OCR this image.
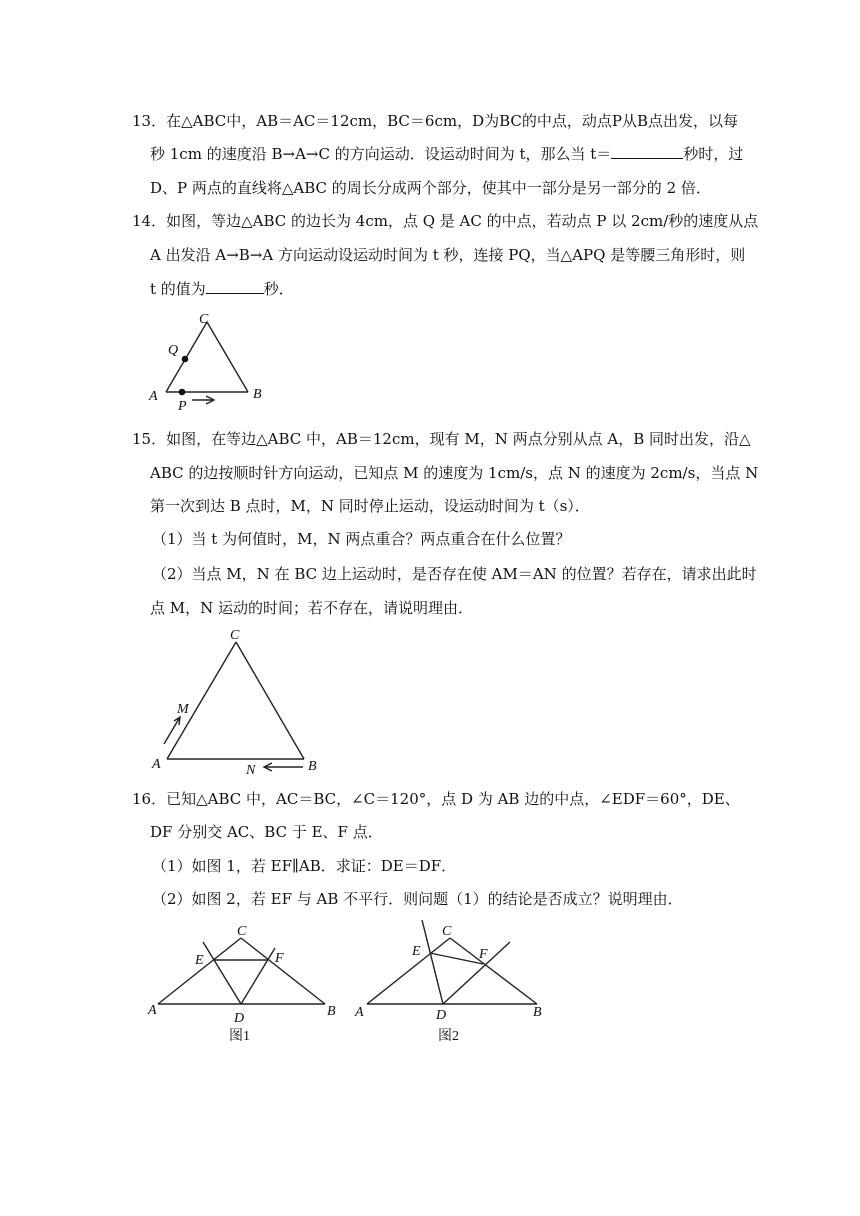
13．在△ABC中，AB＝AC＝12cm，BC＝6cm，D为BC的中点，动点P从B点出发，以每
秒 1cm 的速度沿 B→A→C 的方向运动．设运动时间为 t，那么当 t＝	秒时，过
D、P 两点的直线将△ABC 的周长分成两个部分，使其中一部分是另一部分的 2 倍．
14．如图，等边△ABC 的边长为 4cm，点 Q 是 AC 的中点，若动点 P 以 2cm/秒的速度从点
A 出发沿 A→B→A 方向运动设运动时间为 t 秒，连接 PQ，当△APQ 是等腰三角形时，则
t 的值为	秒．
C
Q
A	B
P
15．如图，在等边△ABC 中，AB＝12cm，现有 M，N 两点分别从点 A，B 同时出发，沿△
ABC 的边按顺时针方向运动，已知点 M 的速度为 1cm/s，点 N 的速度为 2cm/s，当点 N
第一次到达 B 点时，M，N 同时停止运动，设运动时间为 t（s）．
（1）当 t 为何值时，M，N 两点重合？两点重合在什么位置？
（2）当点 M，N 在 BC 边上运动时，是否存在使 AM＝AN 的位置？若存在，请求出此时
点 M，N 运动的时间；若不存在，请说明理由．
C
M
A	N	B
16．已知△ABC 中，AC＝BC，∠C＝120°，点 D 为 AB 边的中点，∠EDF＝60°，DE、
DF 分别交 AC、BC 于 E、F 点．
（1）如图 1，若 EF∥AB．求证：DE＝DF．
（2）如图 2，若 EF 与 AB 不平行．则问题（1）的结论是否成立？说明理由．
C
E	F
A
D	B
图1
C
E	F
A	D	B
图2
